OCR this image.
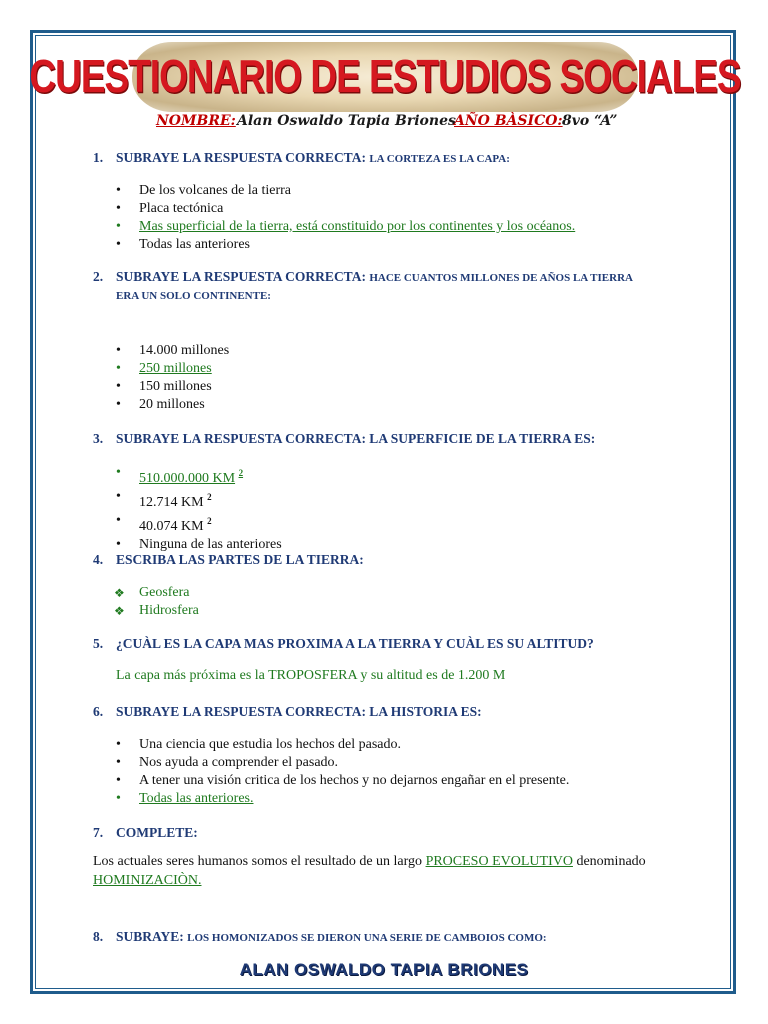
CUESTIONARIO DE ESTUDIOS SOCIALES
NOMBRE: Alan Oswaldo Tapia Briones
AÑO BÀSICO: 8vo “A”
1. SUBRAYE LA RESPUESTA CORRECTA: LA CORTEZA ES LA CAPA:
• De los volcanes de la tierra
• Placa tectónica
• Mas superficial de la tierra, está constituido por los continentes y los océanos.
• Todas las anteriores
2. SUBRAYE LA RESPUESTA CORRECTA: HACE CUANTOS MILLONES DE AÑOS LA TIERRA
ERA UN SOLO CONTINENTE:
• 14.000 millones
• 250 millones
• 150 millones
• 20 millones
3. SUBRAYE LA RESPUESTA CORRECTA: LA SUPERFICIE DE LA TIERRA ES:
• 510.000.000 KM $^2$
• 12.714 KM $^2$
• 40.074 KM $^2$
• Ninguna de las anteriores
4. ESCRIBA LAS PARTES DE LA TIERRA:
❖ Geosfera
❖ Hidrosfera
5. ¿CUÀL ES LA CAPA MAS PROXIMA A LA TIERRA Y CUÀL ES SU ALTITUD?
La capa más próxima es la TROPOSFERA y su altitud es de 1.200 M
6. SUBRAYE LA RESPUESTA CORRECTA: LA HISTORIA ES:
• Una ciencia que estudia los hechos del pasado.
• Nos ayuda a comprender el pasado.
• A tener una visión critica de los hechos y no dejarnos engañar en el presente.
• Todas las anteriores.
7. COMPLETE:
Los actuales seres humanos somos el resultado de un largo PROCESO EVOLUTIVO denominado
HOMINIZACIÒN.
8. SUBRAYE: LOS HOMONIZADOS SE DIERON UNA SERIE DE CAMBOIOS COMO:
ALAN OSWALDO TAPIA BRIONES
